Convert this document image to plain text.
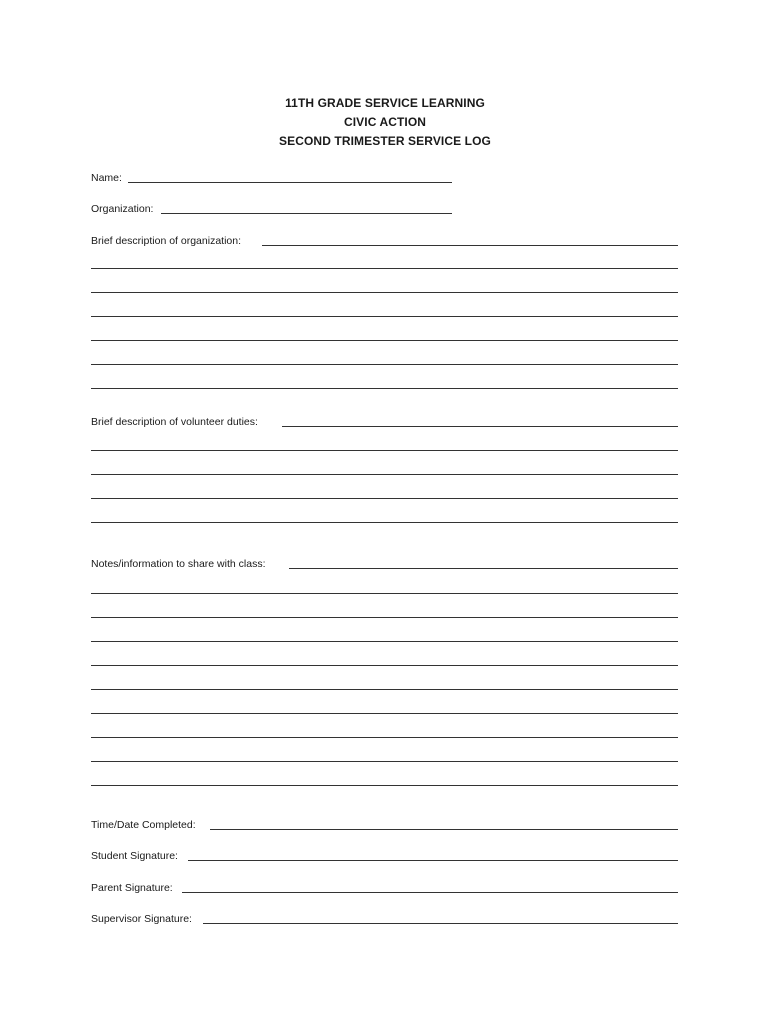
11TH GRADE SERVICE LEARNING
CIVIC ACTION
SECOND TRIMESTER SERVICE LOG
Name:
Organization:
Brief description of organization:
Brief description of volunteer duties:
Notes/information to share with class:
Time/Date Completed:
Student Signature:
Parent Signature:
Supervisor Signature:
